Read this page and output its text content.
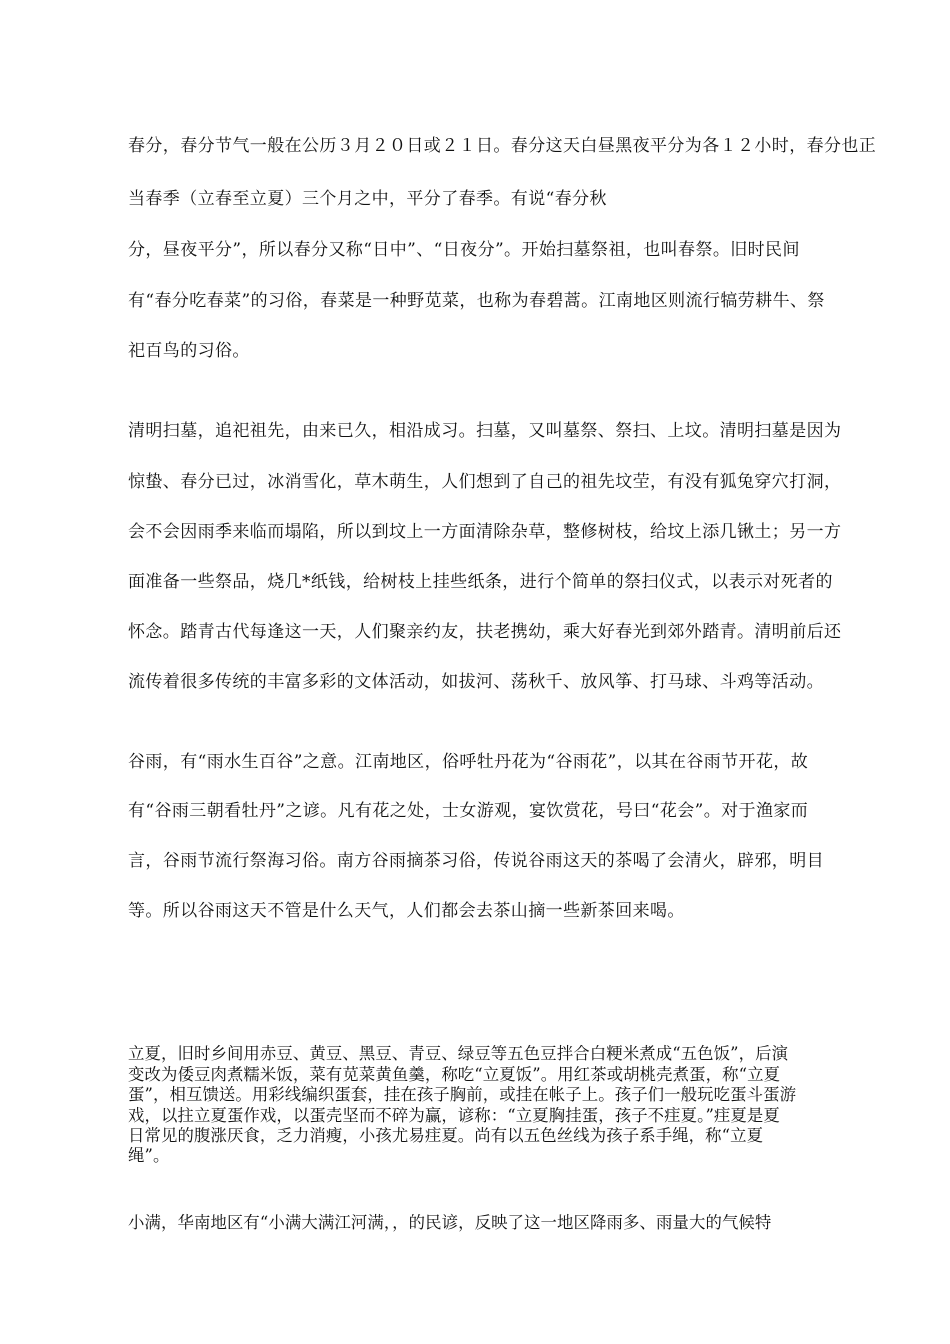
春分，春分节气一般在公历３月２０日或２１日。春分这天白昼黑夜平分为各１２小时，春分也正
当春季（立春至立夏）三个月之中，平分了春季。有说“春分秋
分，昼夜平分”，所以春分又称“日中”、“日夜分”。开始扫墓祭祖，也叫春祭。旧时民间
有“春分吃春菜”的习俗，春菜是一种野苋菜，也称为春碧蒿。江南地区则流行犒劳耕牛、祭
祀百鸟的习俗。
清明扫墓，追祀祖先，由来已久，相沿成习。扫墓，又叫墓祭、祭扫、上坟。清明扫墓是因为
惊蛰、春分已过，冰消雪化，草木萌生，人们想到了自己的祖先坟茔，有没有狐兔穿穴打洞，
会不会因雨季来临而塌陷，所以到坟上一方面清除杂草，整修树枝，给坟上添几锹土；另一方
面准备一些祭品，烧几*纸钱，给树枝上挂些纸条，进行个简单的祭扫仪式，以表示对死者的
怀念。踏青古代每逢这一天，人们聚亲约友，扶老携幼，乘大好春光到郊外踏青。清明前后还
流传着很多传统的丰富多彩的文体活动，如拔河、荡秋千、放风筝、打马球、斗鸡等活动。
谷雨，有“雨水生百谷”之意。江南地区，俗呼牡丹花为“谷雨花”，以其在谷雨节开花，故
有“谷雨三朝看牡丹”之谚。凡有花之处，士女游观，宴饮赏花，号曰“花会”。对于渔家而
言，谷雨节流行祭海习俗。南方谷雨摘茶习俗，传说谷雨这天的茶喝了会清火，辟邪，明目
等。所以谷雨这天不管是什么天气，人们都会去茶山摘一些新茶回来喝。
立夏，旧时乡间用赤豆、黄豆、黑豆、青豆、绿豆等五色豆拌合白粳米煮成“五色饭”，后演
变改为倭豆肉煮糯米饭，菜有苋菜黄鱼羹，称吃“立夏饭”。用红茶或胡桃壳煮蛋，称“立夏
蛋”，相互馈送。用彩线编织蛋套，挂在孩子胸前，或挂在帐子上。孩子们一般玩吃蛋斗蛋游
戏，以拄立夏蛋作戏，以蛋壳坚而不碎为赢，谚称：“立夏胸挂蛋，孩子不疰夏。”疰夏是夏
日常见的腹涨厌食，乏力消瘦，小孩尤易疰夏。尚有以五色丝线为孩子系手绳，称“立夏
绳”。
小满，华南地区有“小满大满江河满，，的民谚，反映了这一地区降雨多、雨量大的气候特
